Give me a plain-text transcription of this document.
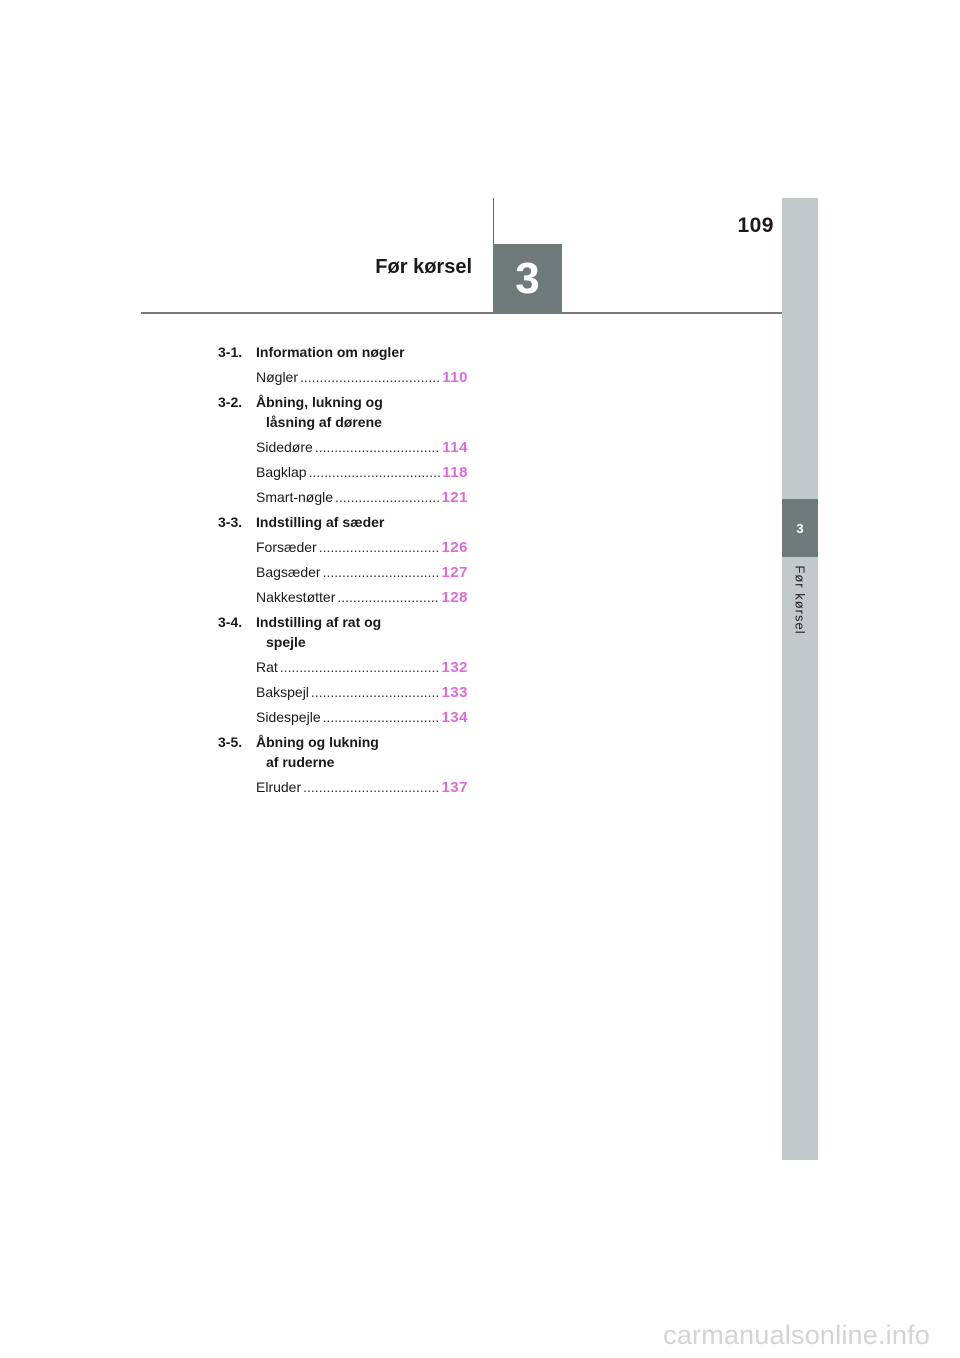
109
Før kørsel 3
3
Før kørsel
3-1. Information om nøgler
Nøgler .....	110
3-2. Åbning, lukning og
låsning af dørene
Sidedøre .....	114
Bagklap .....	118
Smart-nøgle .....	121
3-3. Indstilling af sæder
Forsæder .....	126
Bagsæder .....	127
Nakkestøtter .....	128
3-4. Indstilling af rat og
spejle
Rat .....	132
Bakspejl .....	133
Sidespejle .....	134
3-5. Åbning og lukning
af ruderne
Elruder .....	137
carmanualsonline.info
